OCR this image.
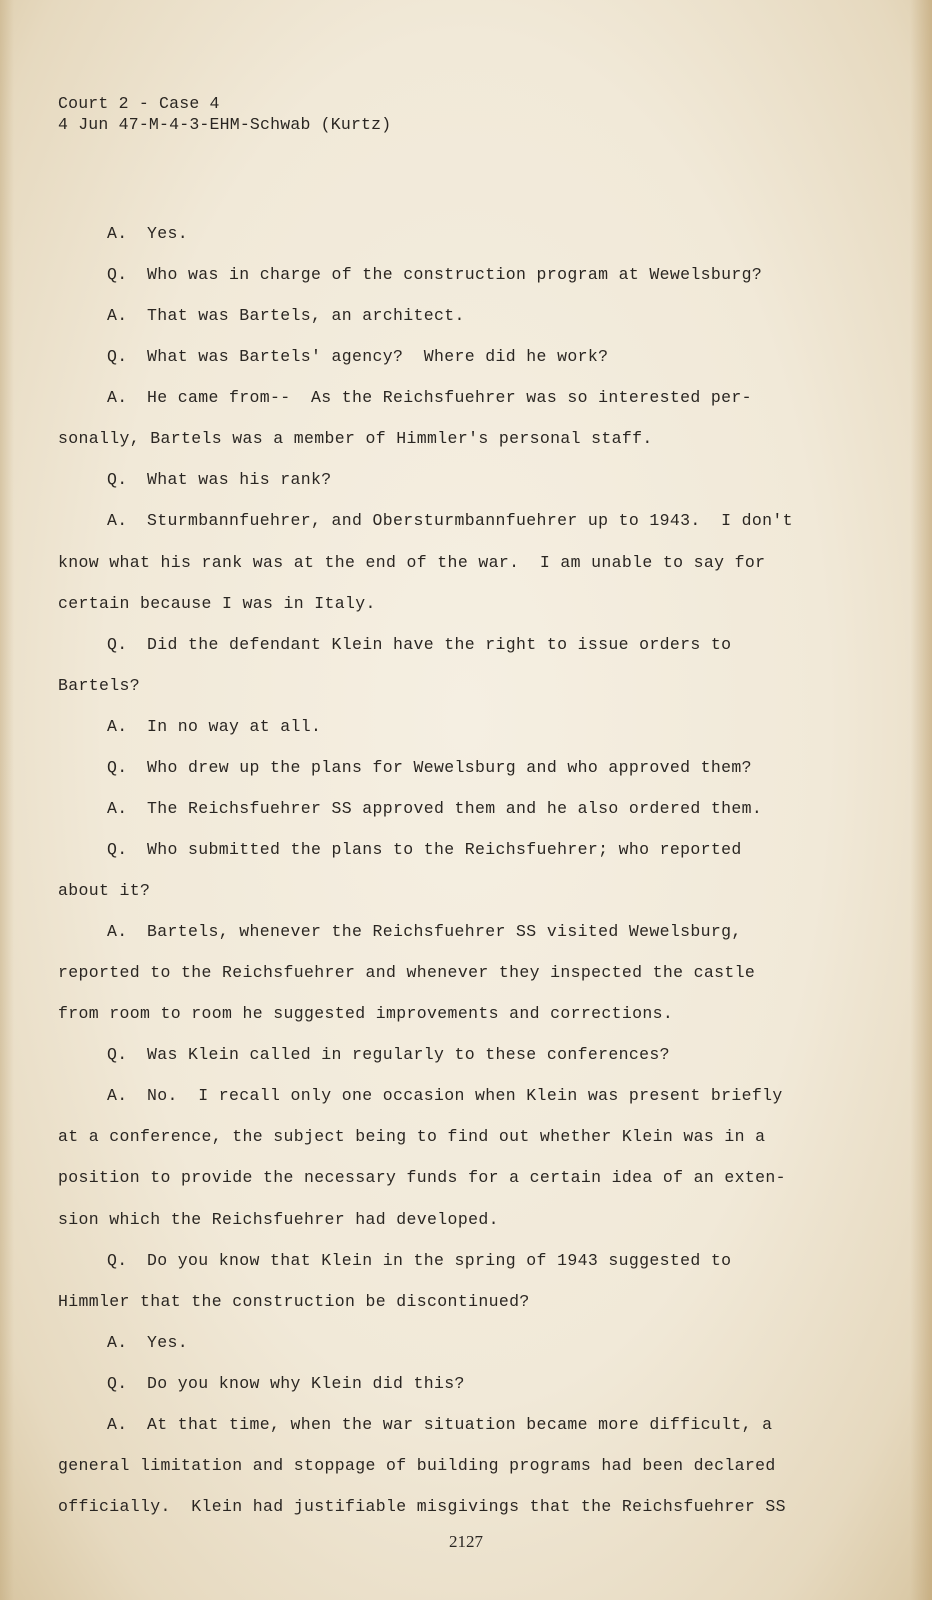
Court 2 - Case 4
4 Jun 47-M-4-3-EHM-Schwab (Kurtz)
A. Yes.
Q. Who was in charge of the construction program at Wewelsburg?
A. That was Bartels, an architect.
Q. What was Bartels' agency?  Where did he work?
A. He came from--  As the Reichsfuehrer was so interested per-
sonally, Bartels was a member of Himmler's personal staff.
Q. What was his rank?
A. Sturmbannfuehrer, and Obersturmbannfuehrer up to 1943.  I don't
know what his rank was at the end of the war.  I am unable to say for
certain because I was in Italy.
Q. Did the defendant Klein have the right to issue orders to
Bartels?
A. In no way at all.
Q. Who drew up the plans for Wewelsburg and who approved them?
A. The Reichsfuehrer SS approved them and he also ordered them.
Q. Who submitted the plans to the Reichsfuehrer; who reported
about it?
A. Bartels, whenever the Reichsfuehrer SS visited Wewelsburg,
reported to the Reichsfuehrer and whenever they inspected the castle
from room to room he suggested improvements and corrections.
Q. Was Klein called in regularly to these conferences?
A. No.  I recall only one occasion when Klein was present briefly
at a conference, the subject being to find out whether Klein was in a
position to provide the necessary funds for a certain idea of an exten-
sion which the Reichsfuehrer had developed.
Q. Do you know that Klein in the spring of 1943 suggested to
Himmler that the construction be discontinued?
A. Yes.
Q. Do you know why Klein did this?
A. At that time, when the war situation became more difficult, a
general limitation and stoppage of building programs had been declared
officially.  Klein had justifiable misgivings that the Reichsfuehrer SS
2127
